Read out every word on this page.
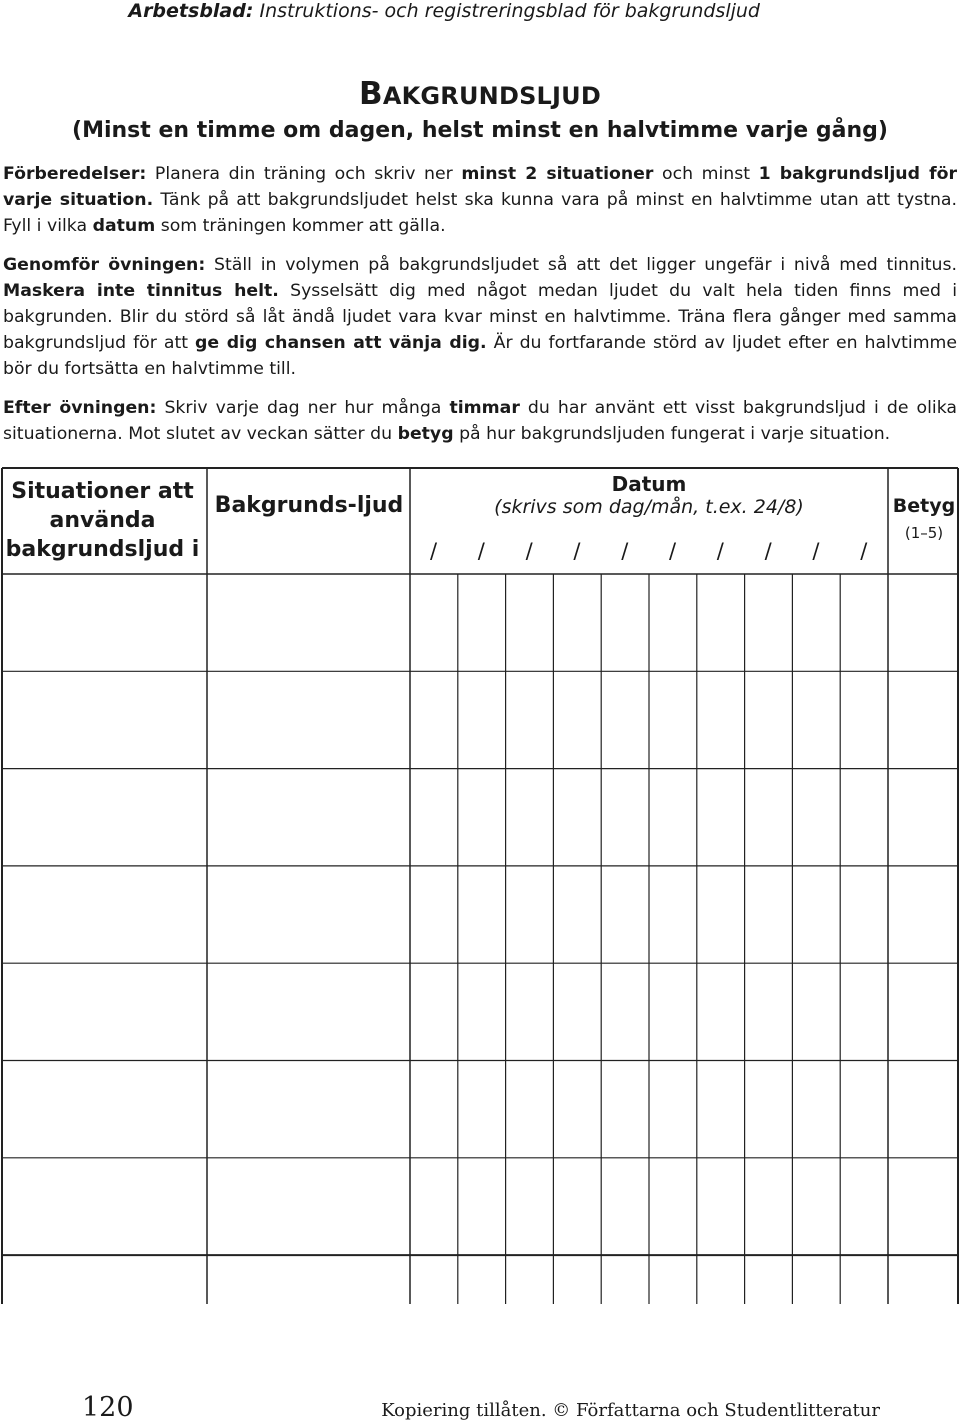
Arbetsblad: Instruktions- och registreringsblad för bakgrundsljud
BAKGRUNDSLJUD
(Minst en timme om dagen, helst minst en halvtimme varje gång)

Förberedelser: Planera din träning och skriv ner minst 2 situationer och minst 1 bakgrundsljud för varje situation. Tänk på att bakgrundsljudet helst ska kunna vara på minst en halvtimme utan att tystna. Fyll i vilka datum som träningen kommer att gälla.

Genomför övningen: Ställ in volymen på bakgrundsljudet så att det ligger ungefär i nivå med tinnitus. Maskera inte tinnitus helt. Sysselsätt dig med något medan ljudet du valt hela tiden finns med i bakgrunden. Blir du störd så låt ändå ljudet vara kvar minst en halvtimme. Träna flera gånger med samma bakgrundsljud för att ge dig chansen att vänja dig. Är du fortfarande störd av ljudet efter en halvtimme bör du fortsätta en halvtimme till.

Efter övningen: Skriv varje dag ner hur många timmar du har använt ett visst bakgrundsljud i de olika situationerna. Mot slutet av veckan sätter du betyg på hur bakgrundsljuden fungerat i varje situation.

Situationer att använda bakgrundsljud i
Bakgrunds-ljud
Datum
(skrivs som dag/mån, t.ex. 24/8)	Betyg
(1–5)
/ / / / / / / / / /
120	Kopiering tillåten. © Författarna och Studentlitteratur
